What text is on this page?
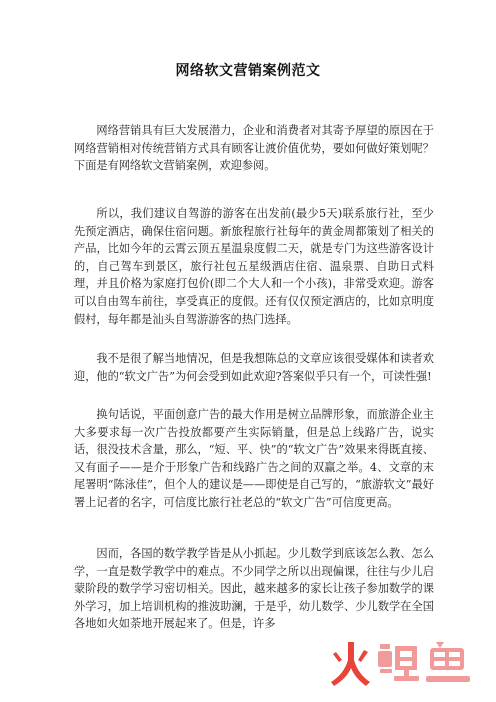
网络软文营销案例范文

网络营销具有巨大发展潜力，企业和消费者对其寄予厚望的原因在于网络营销相对传统营销方式具有顾客让渡价值优势，要如何做好策划呢？下面是有网络软文营销案例，欢迎参阅。

所以，我们建议自驾游的游客在出发前(最少5天)联系旅行社，至少先预定酒店，确保住宿问题。新旅程旅行社每年的黄金周都策划了相关的产品，比如今年的云霄云顶五星温泉度假二天，就是专门为这些游客设计的，自己驾车到景区，旅行社包五星级酒店住宿、温泉票、自助日式料理，并且价格为家庭打包价(即二个大人和一个小孩)，非常受欢迎。游客可以自由驾车前往，享受真正的度假。还有仅仅预定酒店的，比如京明度假村，每年都是汕头自驾游游客的热门选择。

我不是很了解当地情况，但是我想陈总的文章应该很受媒体和读者欢迎，他的“软文广告”为何会受到如此欢迎?答案似乎只有一个，可读性强!

换句话说，平面创意广告的最大作用是树立品牌形象，而旅游企业主大多要求每一次广告投放都要产生实际销量，但是总上线路广告，说实话，很没技术含量，那么，“短、平、快”的“软文广告”效果来得既直接、又有面子——是介于形象广告和线路广告之间的双赢之举。4、文章的末尾署明“陈泳佳”，但个人的建议是——即使是自己写的，“旅游软文”最好署上记者的名字，可信度比旅行社老总的“软文广告”可信度更高。

因而，各国的数学教学皆是从小抓起。少儿数学到底该怎么教、怎么学，一直是数学教学中的难点。不少同学之所以出现偏课，往往与少儿启蒙阶段的数学学习密切相关。因此，越来越多的家长让孩子参加数学的课外学习，加上培训机构的推波助澜，于是乎，幼儿数学、少儿数学在全国各地如火如荼地开展起来了。但是，许多
